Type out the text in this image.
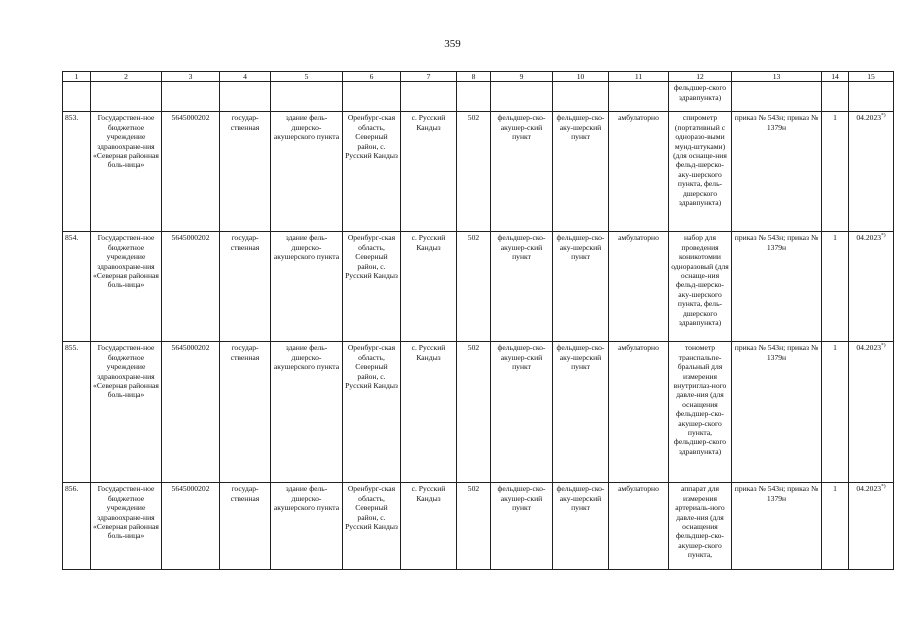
359
1	2	3	4	5	6	7	8	9	10	11	12	13	14	15
											фельдшер-ского здравпункта)			
853.	Государствен-ное бюджетное учреждение здравоохране-ния «Северная районная боль-ница»	5645000202	государ-ственная	здание фель-дшерско-акушерского пункта	Оренбург-ская область, Северный район, с. Русский Кандыз	с. Русский Кандыз	502	фельдшер-ско-акушер-ский пункт	фельдшер-ско-аку-шерский пункт	амбулаторно	спирометр (портативный с одноразо-выми мунд-штуками) (для оснаще-ния фельд-шерско-аку-шерского пункта, фель-дшерского здравпункта)	приказ № 543н; приказ № 1379н	1	04.2023*)
854.	Государствен-ное бюджетное учреждение здравоохране-ния «Северная районная боль-ница»	5645000202	государ-ственная	здание фель-дшерско-акушерского пункта	Оренбург-ская область, Северный район, с. Русский Кандыз	с. Русский Кандыз	502	фельдшер-ско-акушер-ский пункт	фельдшер-ско-аку-шерский пункт	амбулаторно	набор для проведения коникотомии одноразовый (для оснаще-ния фельд-шерско-аку-шерского пункта, фель-дшерского здравпункта)	приказ № 543н; приказ № 1379н	1	04.2023*)
855.	Государствен-ное бюджетное учреждение здравоохране-ния «Северная районная боль-ница»	5645000202	государ-ственная	здание фель-дшерско-акушерского пункта	Оренбург-ская область, Северный район, с. Русский Кандыз	с. Русский Кандыз	502	фельдшер-ско-акушер-ский пункт	фельдшер-ско-аку-шерский пункт	амбулаторно	тонометр транспальпе-бральный для измерения внутриглаз-ного давле-ния (для оснащения фельдшер-ско-акушер-ского пункта, фельдшер-ского здравпункта)	приказ № 543н; приказ № 1379н	1	04.2023*)
856.	Государствен-ное бюджетное учреждение здравоохране-ния «Северная районная боль-ница»	5645000202	государ-ственная	здание фель-дшерско-акушерского пункта	Оренбург-ская область, Северный район, с. Русский Кандыз	с. Русский Кандыз	502	фельдшер-ско-акушер-ский пункт	фельдшер-ско-аку-шерский пункт	амбулаторно	аппарат для измерения артериаль-ного давле-ния (для оснащения фельдшер-ско-акушер-ского пункта,	приказ № 543н; приказ № 1379н	1	04.2023*)
